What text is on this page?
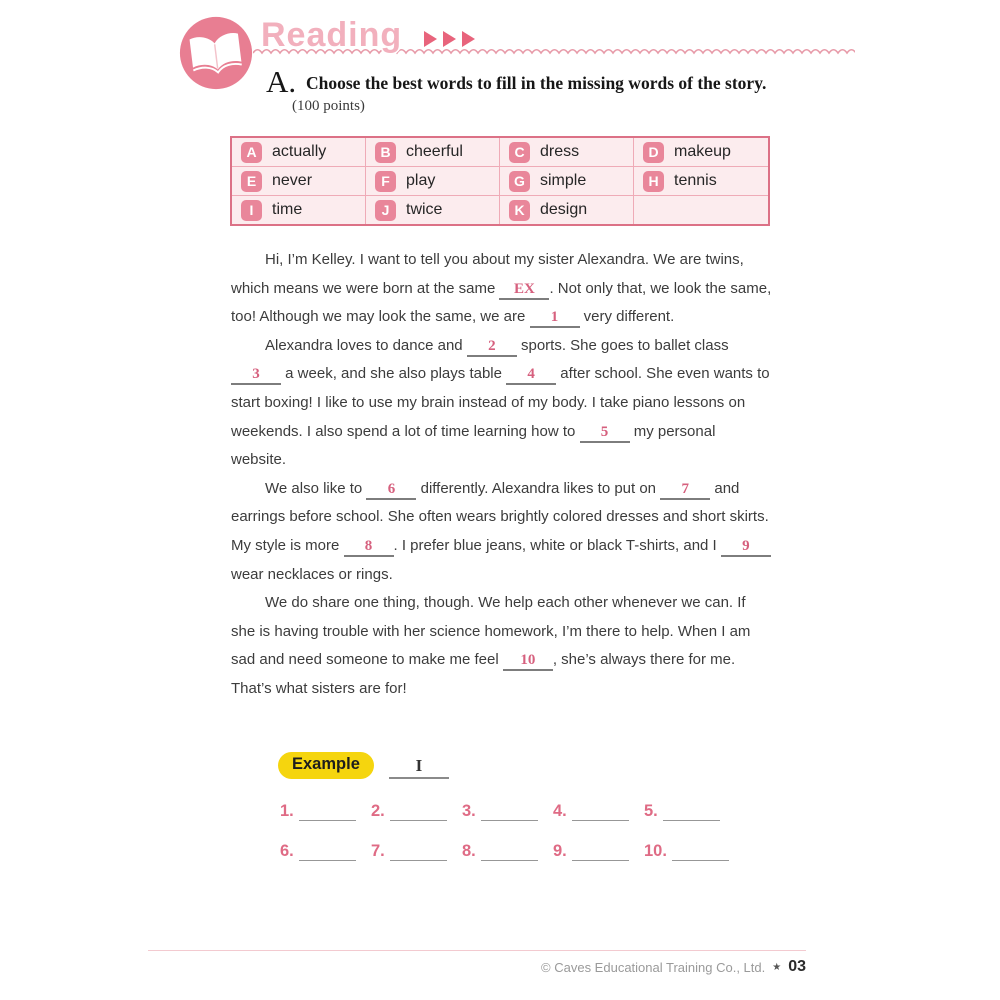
Reading
A. Choose the best words to fill in the missing words of the story.
(100 points)
A actually	B cheerful	C dress	D makeup
E never	F	play	G simple	H tennis
I	time	J	twice	K design

Hi, I’m Kelley. I want to tell you about my sister Alexandra. We are twins, which means we were born at the same EX . Not only that, we look the same, too! Although we may look the same, we are 1 very different.

Alexandra loves to dance and 2 sports. She goes to ballet class 3 a week, and she also plays table 4 after school. She even wants to start boxing! I like to use my brain instead of my body. I take piano lessons on weekends. I also spend a lot of time learning how to 5 my personal website.

We also like to 6 differently. Alexandra likes to put on 7 and earrings before school. She often wears brightly colored dresses and short skirts. My style is more 8 . I prefer blue jeans, white or black T-shirts, and I 9 wear necklaces or rings.

We do share one thing, though. We help each other whenever we can. If she is having trouble with her science homework, I’m there to help. When I am sad and need someone to make me feel 10 , she’s always there for me. That’s what sisters are for!

Example	I
1.	2.	3.	4.	5.
6.	7.	8.	9.	10.
© Caves Educational Training Co., Ltd. ★ 03
